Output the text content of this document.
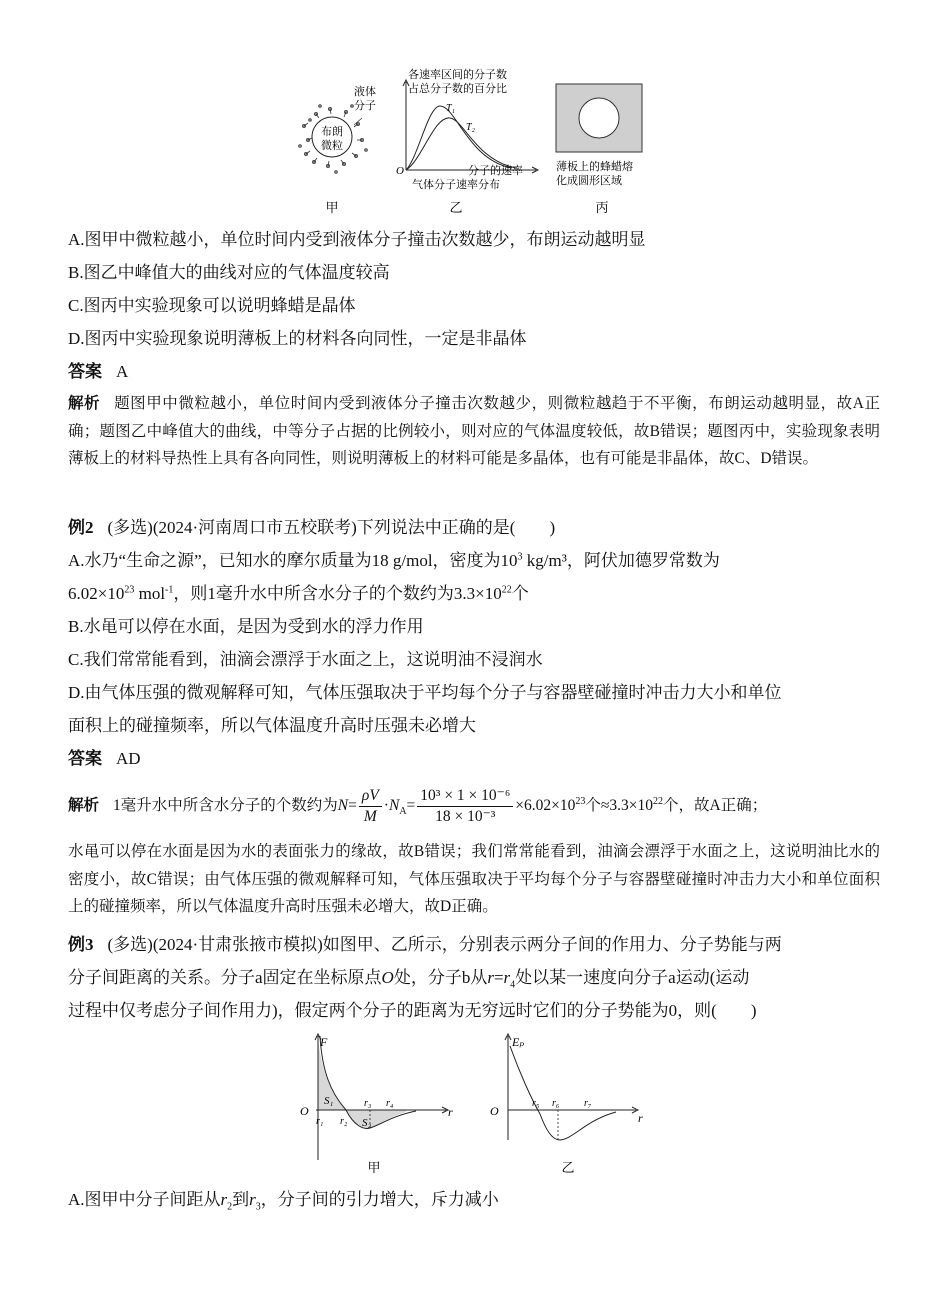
布朗
微粒
液体
分子
甲
各速率区间的分子数
占总分子数的百分比
T₁
T₂
O	分子的速率
气体分子速率分布
乙
薄板上的蜂蜡熔
化成圆形区域
丙
A.图甲中微粒越小，单位时间内受到液体分子撞击次数越少，布朗运动越明显
B.图乙中峰值大的曲线对应的气体温度较高
C.图丙中实验现象可以说明蜂蜡是晶体
D.图丙中实验现象说明薄板上的材料各向同性，一定是非晶体
答案 A
解析 题图甲中微粒越小，单位时间内受到液体分子撞击次数越少，则微粒越趋于不平衡，布朗运动越明显，故A正确；题图乙中峰值大的曲线，中等分子占据的比例较小，则对应的气体温度较低，故B错误；题图丙中，实验现象表明薄板上的材料导热性上具有各向同性，则说明薄板上的材料可能是多晶体，也有可能是非晶体，故C、D错误。
例2 (多选)(2024·河南周口市五校联考)下列说法中正确的是(　　)
A.水乃“生命之源”，已知水的摩尔质量为18 g/mol，密度为$10^3$ kg/m³，阿伏加德罗常数为
$6.02\times 10^{23}$ mol$^{-1}$，则1毫升水中所含水分子的个数约为$3.3\times 10^{22}$个
B.水黾可以停在水面，是因为受到水的浮力作用
C.我们常常能看到，油滴会漂浮于水面之上，这说明油不浸润水
D.由气体压强的微观解释可知，气体压强取决于平均每个分子与容器壁碰撞时冲击力大小和单位
面积上的碰撞频率，所以气体温度升高时压强未必增大
答案 AD
解析 1毫升水中所含水分子的个数约为$N= \frac{\rho V}{M} \cdot N_A= \frac{\text{10³ × 1 × 10⁻⁶}}{\text{18 × 10⁻³}} \times 6.02\times 10^{23}$个$\approx 3.3\times 10^{22}$个，故A正确；
水黾可以停在水面是因为水的表面张力的缘故，故B错误；我们常常能看到，油滴会漂浮于水面之上，这说明油比水的密度小，故C错误；由气体压强的微观解释可知，气体压强取决于平均每个分子与容器壁碰撞时冲击力大小和单位面积上的碰撞频率，所以气体温度升高时压强未必增大，故D正确。
例3 (多选)(2024·甘肃张掖市模拟)如图甲、乙所示，分别表示两分子间的作用力、分子势能与两
分子间距离的关系。分子a固定在坐标原点O处，分子b从$r=r_4$处以某一速度向分子a运动(运动
过程中仅考虑分子间作用力)，假定两个分子的距离为无穷远时它们的分子势能为0，则(　　)
F
O	r
S₁
S₂
r₁ r₂
r₃ r₄
甲
Eₚ
O	r
r₅ r₆ r₇
乙
A.图甲中分子间距从$r_2$到$r_3$，分子间的引力增大，斥力减小
